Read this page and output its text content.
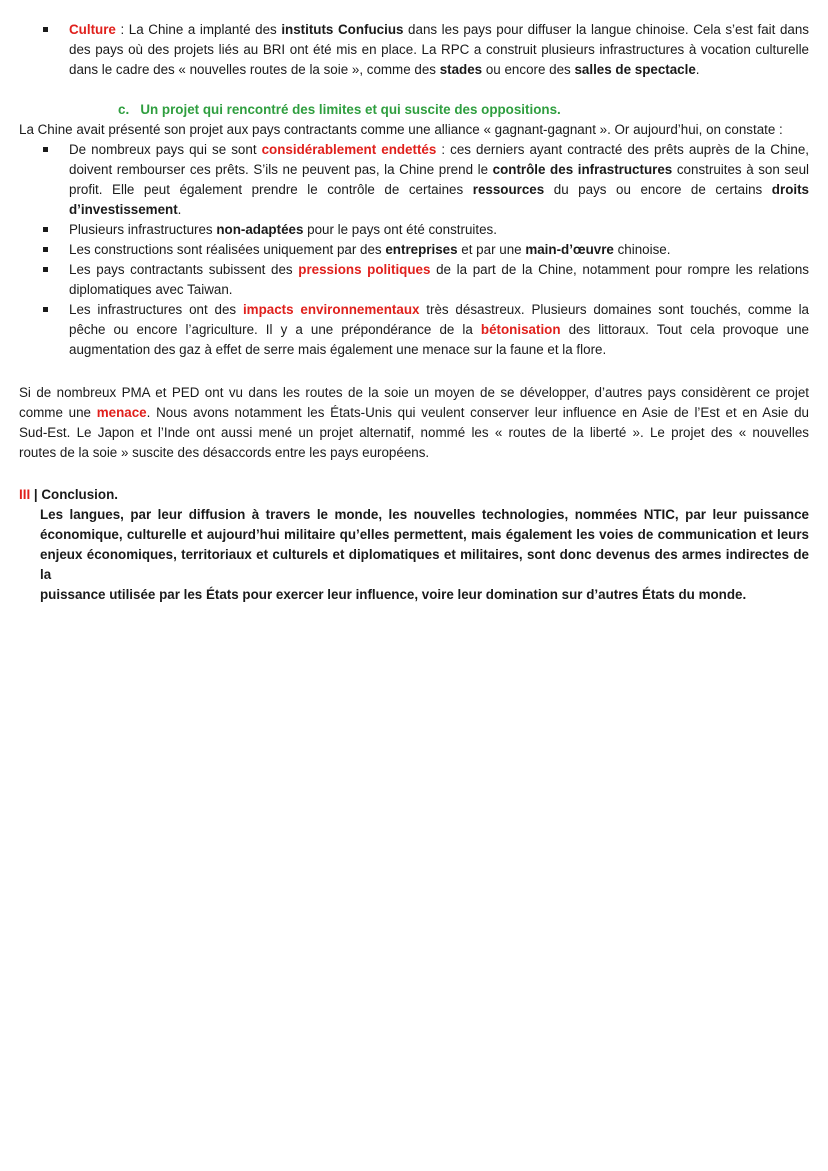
Culture : La Chine a implanté des instituts Confucius dans les pays pour diffuser la langue chinoise. Cela s’est fait dans
des pays où des projets liés au BRI ont été mis en place. La RPC a construit plusieurs infrastructures à vocation culturelle
dans le cadre des « nouvelles routes de la soie », comme des stades ou encore des salles de spectacle.
c. Un projet qui rencontré des limites et qui suscite des oppositions.
La Chine avait présenté son projet aux pays contractants comme une alliance « gagnant-gagnant ». Or aujourd’hui, on constate :
De nombreux pays qui se sont considérablement endettés : ces derniers ayant contracté des prêts auprès de la Chine,
doivent rembourser ces prêts. S’ils ne peuvent pas, la Chine prend le contrôle des infrastructures construites à son seul
profit. Elle peut également prendre le contrôle de certaines ressources du pays ou encore de certains droits
d’investissement.
Plusieurs infrastructures non-adaptées pour le pays ont été construites.
Les constructions sont réalisées uniquement par des entreprises et par une main-d’œuvre chinoise.
Les pays contractants subissent des pressions politiques de la part de la Chine, notamment pour rompre les relations
diplomatiques avec Taiwan.
Les infrastructures ont des impacts environnementaux très désastreux. Plusieurs domaines sont touchés, comme la
pêche ou encore l’agriculture. Il y a une prépondérance de la bétonisation des littoraux. Tout cela provoque une
augmentation des gaz à effet de serre mais également une menace sur la faune et la flore.
Si de nombreux PMA et PED ont vu dans les routes de la soie un moyen de se développer, d’autres pays considèrent ce projet
comme une menace. Nous avons notamment les États-Unis qui veulent conserver leur influence en Asie de l’Est et en Asie du
Sud-Est. Le Japon et l’Inde ont aussi mené un projet alternatif, nommé les « routes de la liberté ». Le projet des « nouvelles
routes de la soie » suscite des désaccords entre les pays européens.
III | Conclusion.
Les langues, par leur diffusion à travers le monde, les nouvelles technologies, nommées NTIC, par leur puissance
économique, culturelle et aujourd’hui militaire qu’elles permettent, mais également les voies de communication et leurs
enjeux économiques, territoriaux et culturels et diplomatiques et militaires, sont donc devenus des armes indirectes de la
puissance utilisée par les États pour exercer leur influence, voire leur domination sur d’autres États du monde.
